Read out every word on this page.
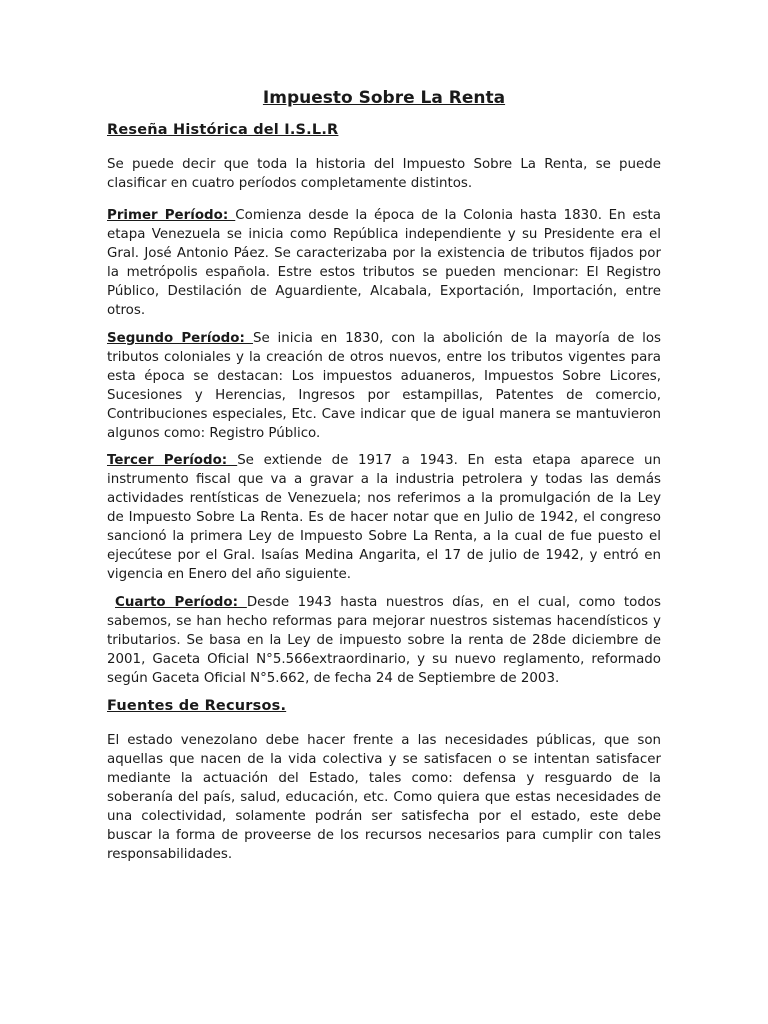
Impuesto Sobre La Renta
Reseña Histórica del I.S.L.R

Se puede decir que toda la historia del Impuesto Sobre La Renta, se puede clasificar en cuatro períodos completamente distintos.

Primer Período: Comienza desde la época de la Colonia hasta 1830. En esta etapa Venezuela se inicia como República independiente y su Presidente era el Gral. José Antonio Páez. Se caracterizaba por la existencia de tributos fijados por la metrópolis española. Estre estos tributos se pueden mencionar: El Registro Público, Destilación de Aguardiente, Alcabala, Exportación, Importación, entre otros.

Segundo Período: Se inicia en 1830, con la abolición de la mayoría de los tributos coloniales y la creación de otros nuevos, entre los tributos vigentes para esta época se destacan: Los impuestos aduaneros, Impuestos Sobre Licores, Sucesiones y Herencias, Ingresos por estampillas, Patentes de comercio, Contribuciones especiales, Etc. Cave indicar que de igual manera se mantuvieron algunos como: Registro Público.

Tercer Período: Se extiende de 1917 a 1943. En esta etapa aparece un instrumento fiscal que va a gravar a la industria petrolera y todas las demás actividades rentísticas de Venezuela; nos referimos a la promulgación de la Ley de Impuesto Sobre La Renta. Es de hacer notar que en Julio de 1942, el congreso sancionó la primera Ley de Impuesto Sobre La Renta, a la cual de fue puesto el ejecútese por el Gral. Isaías Medina Angarita, el 17 de julio de 1942, y entró en vigencia en Enero del año siguiente.

Cuarto Período: Desde 1943 hasta nuestros días, en el cual, como todos sabemos, se han hecho reformas para mejorar nuestros sistemas hacendísticos y tributarios. Se basa en la Ley de impuesto sobre la renta de 28de diciembre de 2001, Gaceta Oficial N°5.566extraordinario, y su nuevo reglamento, reformado según Gaceta Oficial N°5.662, de fecha 24 de Septiembre de 2003.

Fuentes de Recursos.

El estado venezolano debe hacer frente a las necesidades públicas, que son aquellas que nacen de la vida colectiva y se satisfacen o se intentan satisfacer mediante la actuación del Estado, tales como: defensa y resguardo de la soberanía del país, salud, educación, etc. Como quiera que estas necesidades de una colectividad, solamente podrán ser satisfecha por el estado, este debe buscar la forma de proveerse de los recursos necesarios para cumplir con tales responsabilidades.
